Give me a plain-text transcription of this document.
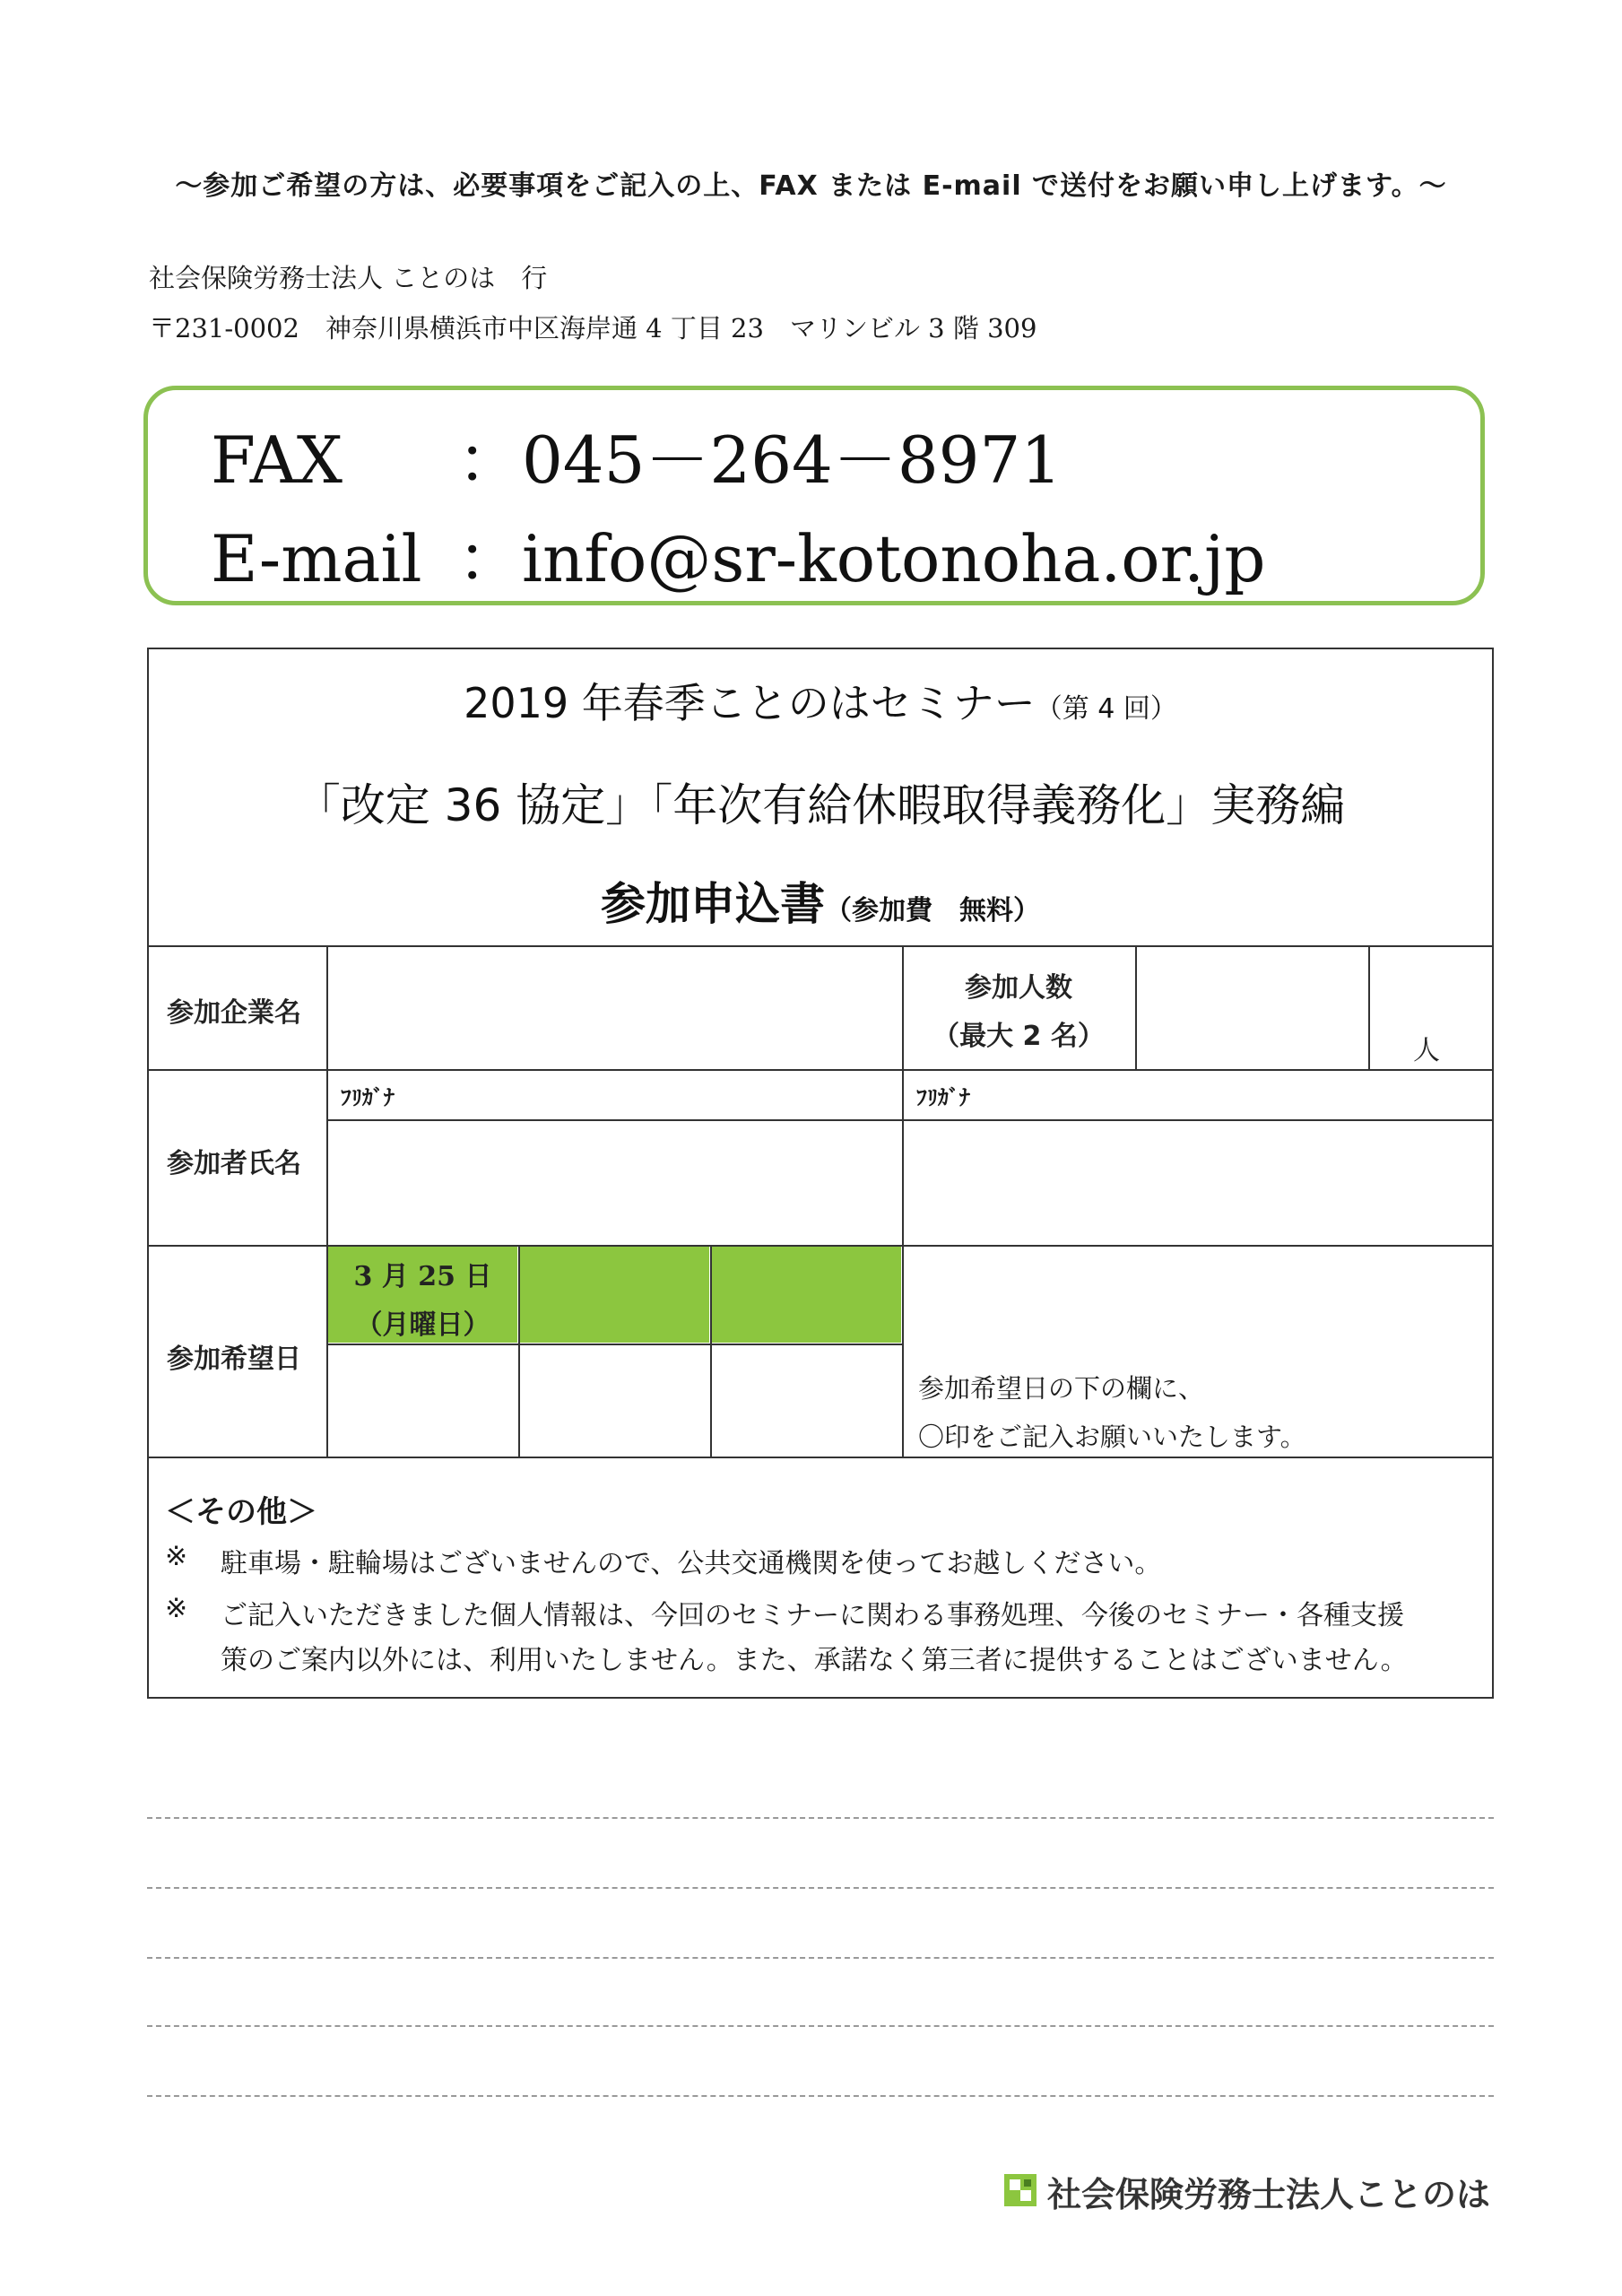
～参加ご希望の方は、必要事項をご記入の上、FAX または E-mail で送付をお願い申し上げます。～
社会保険労務士法人 ことのは　行
〒231-0002　神奈川県横浜市中区海岸通 4 丁目 23　マリンビル 3 階 309
FAX ：045－264－8971
E-mail ：info@sr-kotonoha.or.jp
2019 年春季ことのはセミナー（第 4 回）
「改定 36 協定」「年次有給休暇取得義務化」実務編
参加申込書（参加費　無料）
参加企業名
参加人数
（最大 2 名）	人
参加者氏名
ﾌﾘｶﾞﾅ	ﾌﾘｶﾞﾅ
参加希望日
3 月 25 日
（月曜日）
参加希望日の下の欄に、
〇印をご記入お願いいたします。
＜その他＞
※ 駐車場・駐輪場はございませんので、公共交通機関を使ってお越しください。
※ ご記入いただきました個人情報は、今回のセミナーに関わる事務処理、今後のセミナー・各種支援
策のご案内以外には、利用いたしません。また、承諾なく第三者に提供することはございません。
社会保険労務士法人ことのは
